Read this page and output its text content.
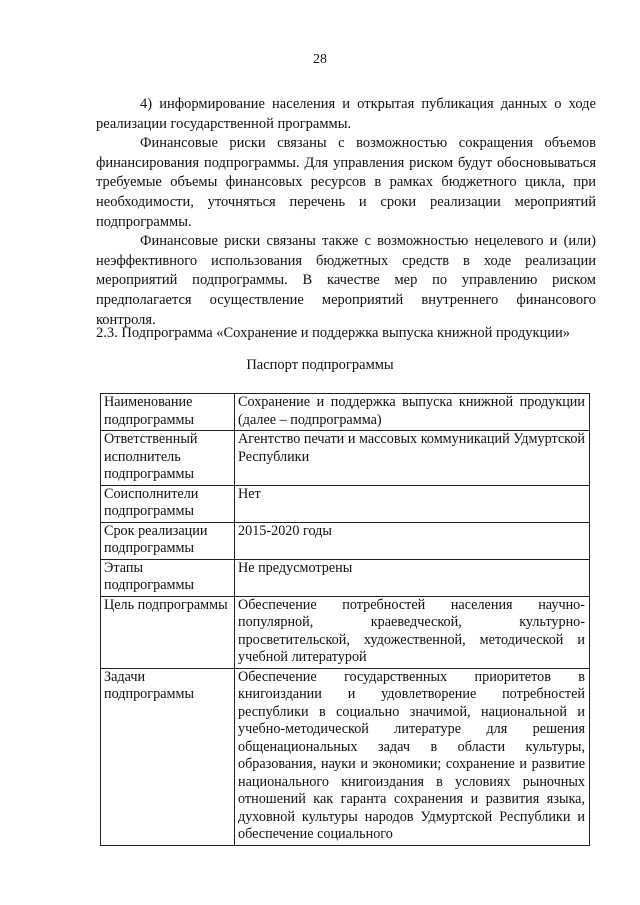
28

4) информирование населения и открытая публикация данных о ходе реализации государственной программы.

Финансовые риски связаны с возможностью сокращения объемов финансирования подпрограммы. Для управления риском будут обосновываться требуемые объемы финансовых ресурсов в рамках бюджетного цикла, при необходимости, уточняться перечень и сроки реализации мероприятий подпрограммы.

Финансовые риски связаны также с возможностью нецелевого и (или) неэффективного использования бюджетных средств в ходе реализации мероприятий подпрограммы. В качестве мер по управлению риском предполагается осуществление мероприятий внутреннего финансового контроля.

2.3. Подпрограмма «Сохранение и поддержка выпуска книжной продукции»
Паспорт подпрограммы
Наименование подпрограммы	Сохранение и поддержка выпуска книжной продукции (далее – подпрограмма)
Ответственный исполнитель подпрограммы	Агентство печати и массовых коммуникаций Удмуртской Республики
Соисполнители подпрограммы	Нет
Срок реализации подпрограммы	2015-2020 годы
Этапы подпрограммы	Не предусмотрены
Цель подпрограммы	Обеспечение потребностей населения научно-популярной, краеведческой, культурно-просветительской, художественной, методической и учебной литературой
Задачи подпрограммы	Обеспечение государственных приоритетов в книгоиздании и удовлетворение потребностей республики в социально значимой, национальной и учебно-методической литературе для решения общенациональных задач в области культуры, образования, науки и экономики; сохранение и развитие национального книгоиздания в условиях рыночных отношений как гаранта сохранения и развития языка, духовной культуры народов Удмуртской Республики и обеспечение социального
